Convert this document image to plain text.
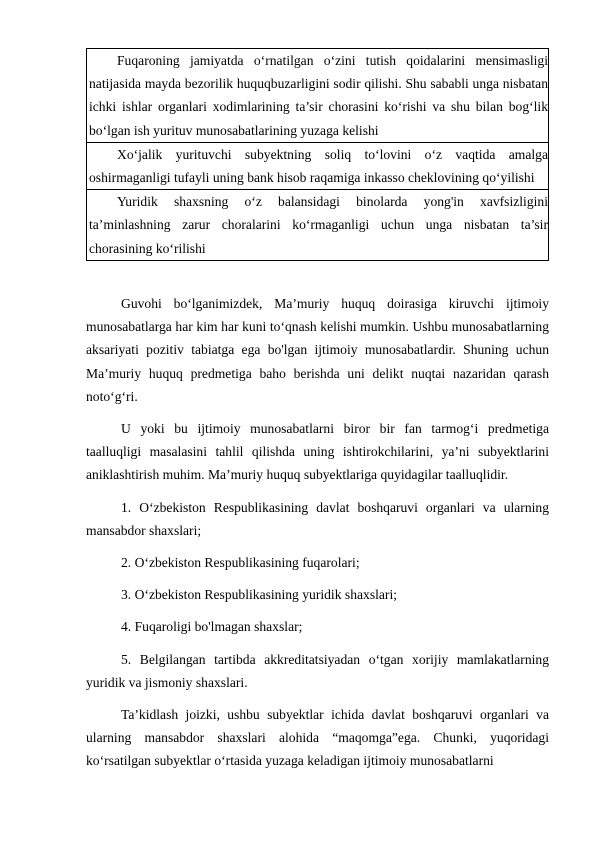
Fuqaroning jamiyatda o‘rnatilgan o‘zini tutish qoidalarini mensimasligi natijasida mayda bezorilik huquqbuzarligini sodir qilishi. Shu sababli unga nisbatan ichki ishlar organlari xodimlarining ta’sir chorasini ko‘rishi va shu bilan bog‘lik bo‘lgan ish yurituv munosabatlarining yuzaga kelishi

Xo‘jalik yurituvchi subyektning soliq to‘lovini o‘z vaqtida amalga oshirmaganligi tufayli uning bank hisob raqamiga inkasso cheklovining qo‘yilishi

Yuridik shaxsning o‘z balansidagi binolarda yong'in xavfsizligini ta’minlashning zarur choralarini ko‘rmaganligi uchun unga nisbatan ta’sir chorasining ko‘rilishi

Guvohi bo‘lganimizdek, Ma’muriy huquq doirasiga kiruvchi ijtimoiy munosabatlarga har kim har kuni to‘qnash kelishi mumkin. Ushbu munosabatlarning aksariyati pozitiv tabiatga ega bo'lgan ijtimoiy munosabatlardir. Shuning uchun Ma’muriy huquq predmetiga baho berishda uni delikt nuqtai nazaridan qarash noto‘g‘ri.

U yoki bu ijtimoiy munosabatlarni biror bir fan tarmog‘i predmetiga taalluqligi masalasini tahlil qilishda uning ishtirokchilarini, ya’ni subyektlarini aniklashtirish muhim. Ma’muriy huquq subyektlariga quyidagilar taalluqlidir.

1. O‘zbekiston Respublikasining davlat boshqaruvi organlari va ularning mansabdor shaxslari;

2. O‘zbekiston Respublikasining fuqarolari;

3. O‘zbekiston Respublikasining yuridik shaxslari;

4. Fuqaroligi bo'lmagan shaxslar;

5. Belgilangan tartibda akkreditatsiyadan o‘tgan xorijiy mamlakatlarning yuridik va jismoniy shaxslari.

Ta’kidlash joizki, ushbu subyektlar ichida davlat boshqaruvi organlari va ularning mansabdor shaxslari alohida “maqomga”ega. Chunki, yuqoridagi ko‘rsatilgan subyektlar o‘rtasida yuzaga keladigan ijtimoiy munosabatlarni
